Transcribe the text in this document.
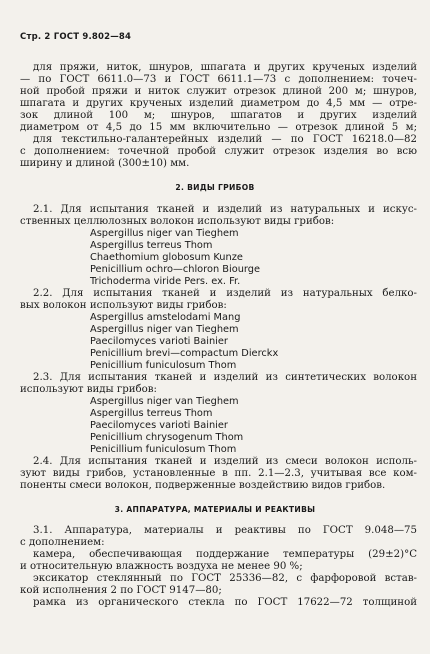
Стр. 2 ГОСТ 9.802—84
для пряжи, ниток, шнуров, шпагата и других крученых изделий
— по ГОСТ 6611.0—73 и ГОСТ 6611.1—73 с дополнением: точеч-
ной пробой пряжи и ниток служит отрезок длиной 200 м; шнуров,
шпагата и других крученых изделий диаметром до 4,5 мм — отре-
зок длиной 100 м; шнуров, шпагатов и других изделий
диаметром от 4,5 до 15 мм включительно — отрезок длиной 5 м;
для текстильно-галантерейных изделий — по ГОСТ 16218.0—82
с дополнением: точечной пробой служит отрезок изделия во всю
ширину и длиной (300±10) мм.
2. ВИДЫ ГРИБОВ
2.1. Для испытания тканей и изделий из натуральных и искус-
ственных целлюлозных волокон используют виды грибов:
Aspergillus niger van Tieghem
Aspergillus terreus Thom
Chaethomium globosum Kunze
Penicillium ochro—chloron Biourge
Trichoderma viride Pers. ex. Fr.
2.2. Для испытания тканей и изделий из натуральных белко-
вых волокон используют виды грибов:
Aspergillus amstelodami Mang
Aspergillus niger van Tieghem
Paecilomyces varioti Bainier
Penicillium brevi—compactum Dierckx
Penicillium funiculosum Thom
2.3. Для испытания тканей и изделий из синтетических волокон
используют виды грибов:
Aspergillus niger van Tieghem
Aspergillus terreus Thom
Paecilomyces varioti Bainier
Penicillium chrysogenum Thom
Penicillium funiculosum Thom
2.4. Для испытания тканей и изделий из смеси волокон исполь-
зуют виды грибов, установленные в пп. 2.1—2.3, учитывая все ком-
поненты смеси волокон, подверженные воздействию видов грибов.
3. АППАРАТУРА, МАТЕРИАЛЫ И РЕАКТИВЫ
3.1. Аппаратура, материалы и реактивы по ГОСТ 9.048—75
с дополнением:
камера, обеспечивающая поддержание температуры (29±2)°С
и относительную влажность воздуха не менее 90 %;
эксикатор стеклянный по ГОСТ 25336—82, с фарфоровой встав-
кой исполнения 2 по ГОСТ 9147—80;
рамка из органического стекла по ГОСТ 17622—72 толщиной
